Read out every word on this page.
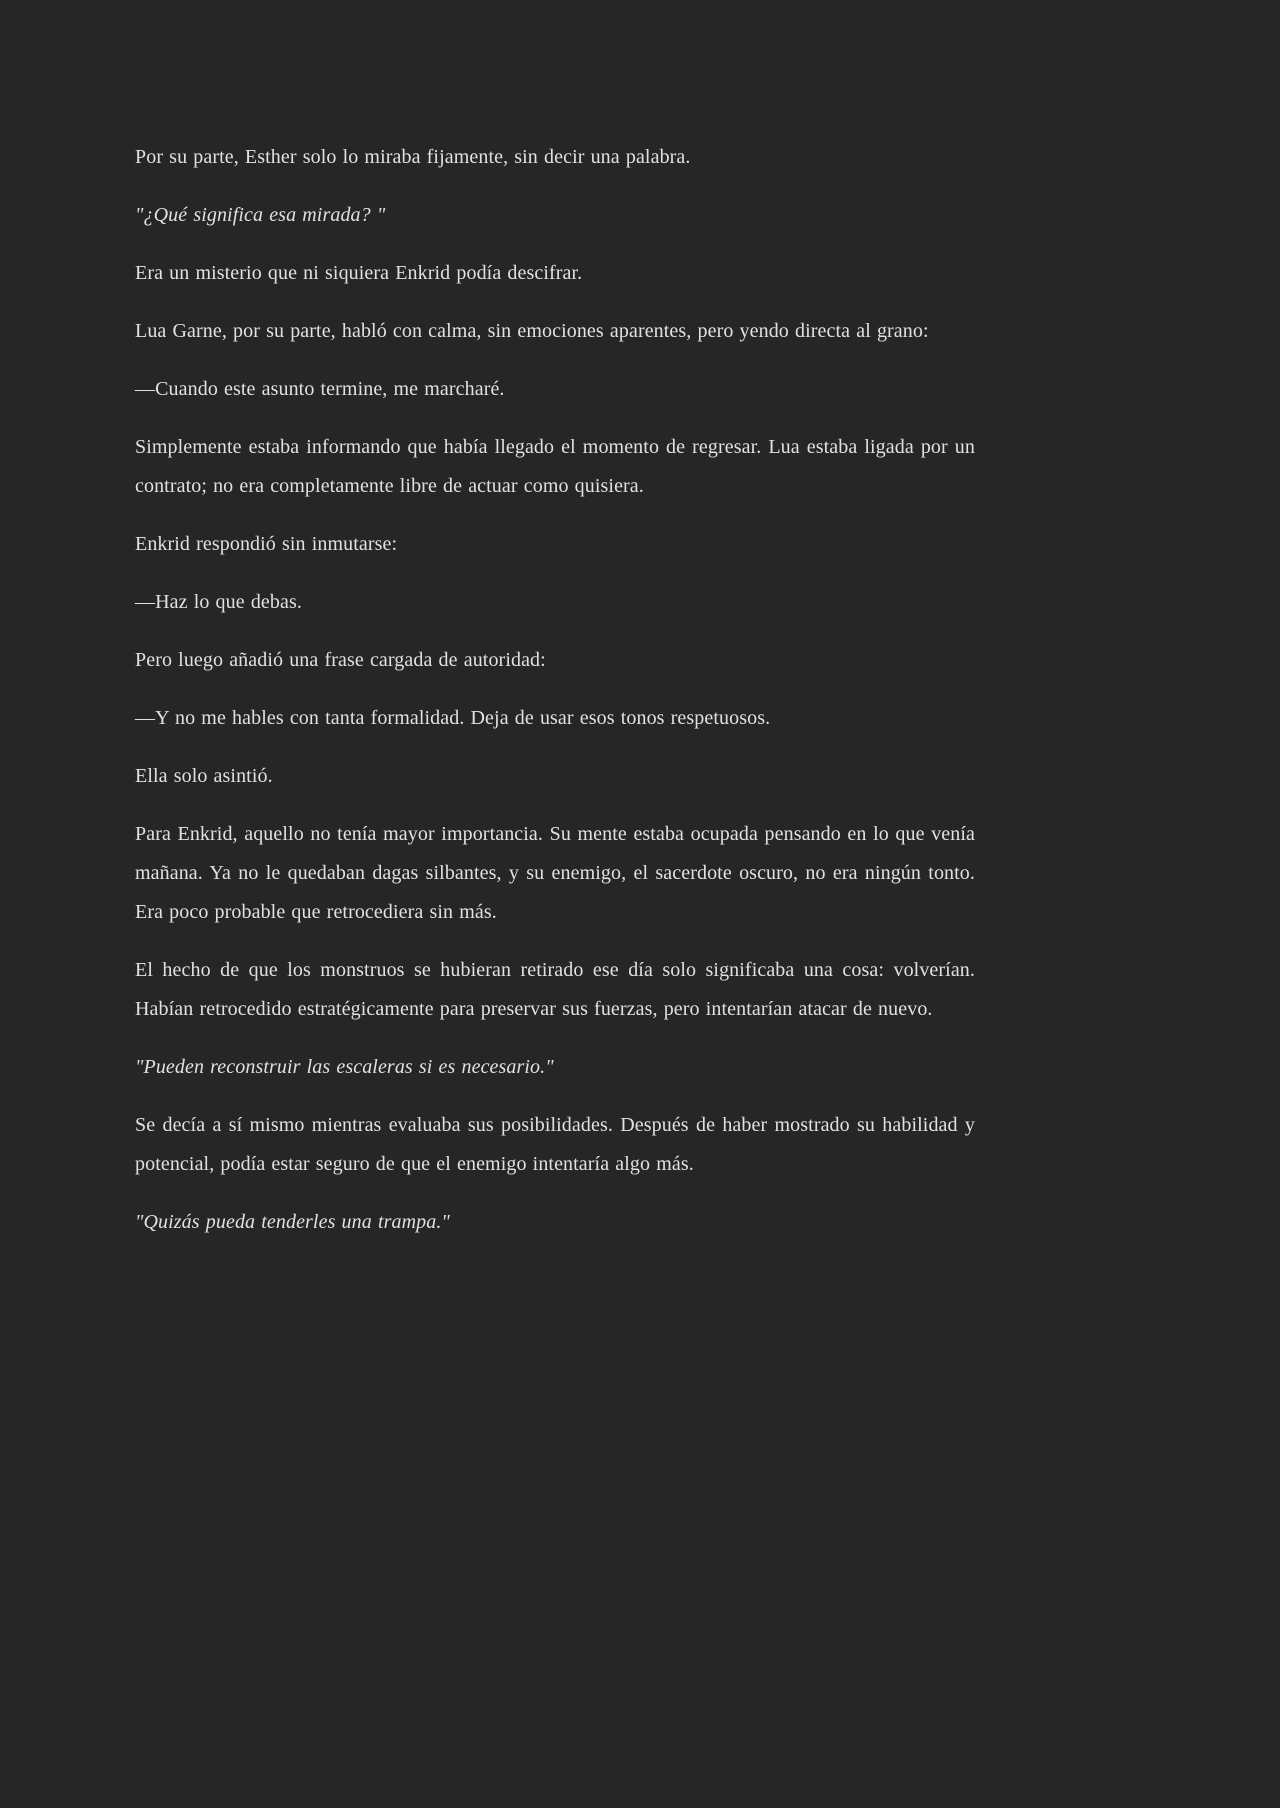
Por su parte, Esther solo lo miraba fijamente, sin decir una palabra.

"¿Qué significa esa mirada? "

Era un misterio que ni siquiera Enkrid podía descifrar.

Lua Garne, por su parte, habló con calma, sin emociones aparentes, pero yendo directa al grano:

—Cuando este asunto termine, me marcharé.

Simplemente estaba informando que había llegado el momento de regresar. Lua estaba ligada por un contrato; no era completamente libre de actuar como quisiera.

Enkrid respondió sin inmutarse:

—Haz lo que debas.

Pero luego añadió una frase cargada de autoridad:

—Y no me hables con tanta formalidad. Deja de usar esos tonos respetuosos.

Ella solo asintió.

Para Enkrid, aquello no tenía mayor importancia. Su mente estaba ocupada pensando en lo que venía mañana. Ya no le quedaban dagas silbantes, y su enemigo, el sacerdote oscuro, no era ningún tonto. Era poco probable que retrocediera sin más.

El hecho de que los monstruos se hubieran retirado ese día solo significaba una cosa: volverían. Habían retrocedido estratégicamente para preservar sus fuerzas, pero intentarían atacar de nuevo.

"Pueden reconstruir las escaleras si es necesario."

Se decía a sí mismo mientras evaluaba sus posibilidades. Después de haber mostrado su habilidad y potencial, podía estar seguro de que el enemigo intentaría algo más.

"Quizás pueda tenderles una trampa."
